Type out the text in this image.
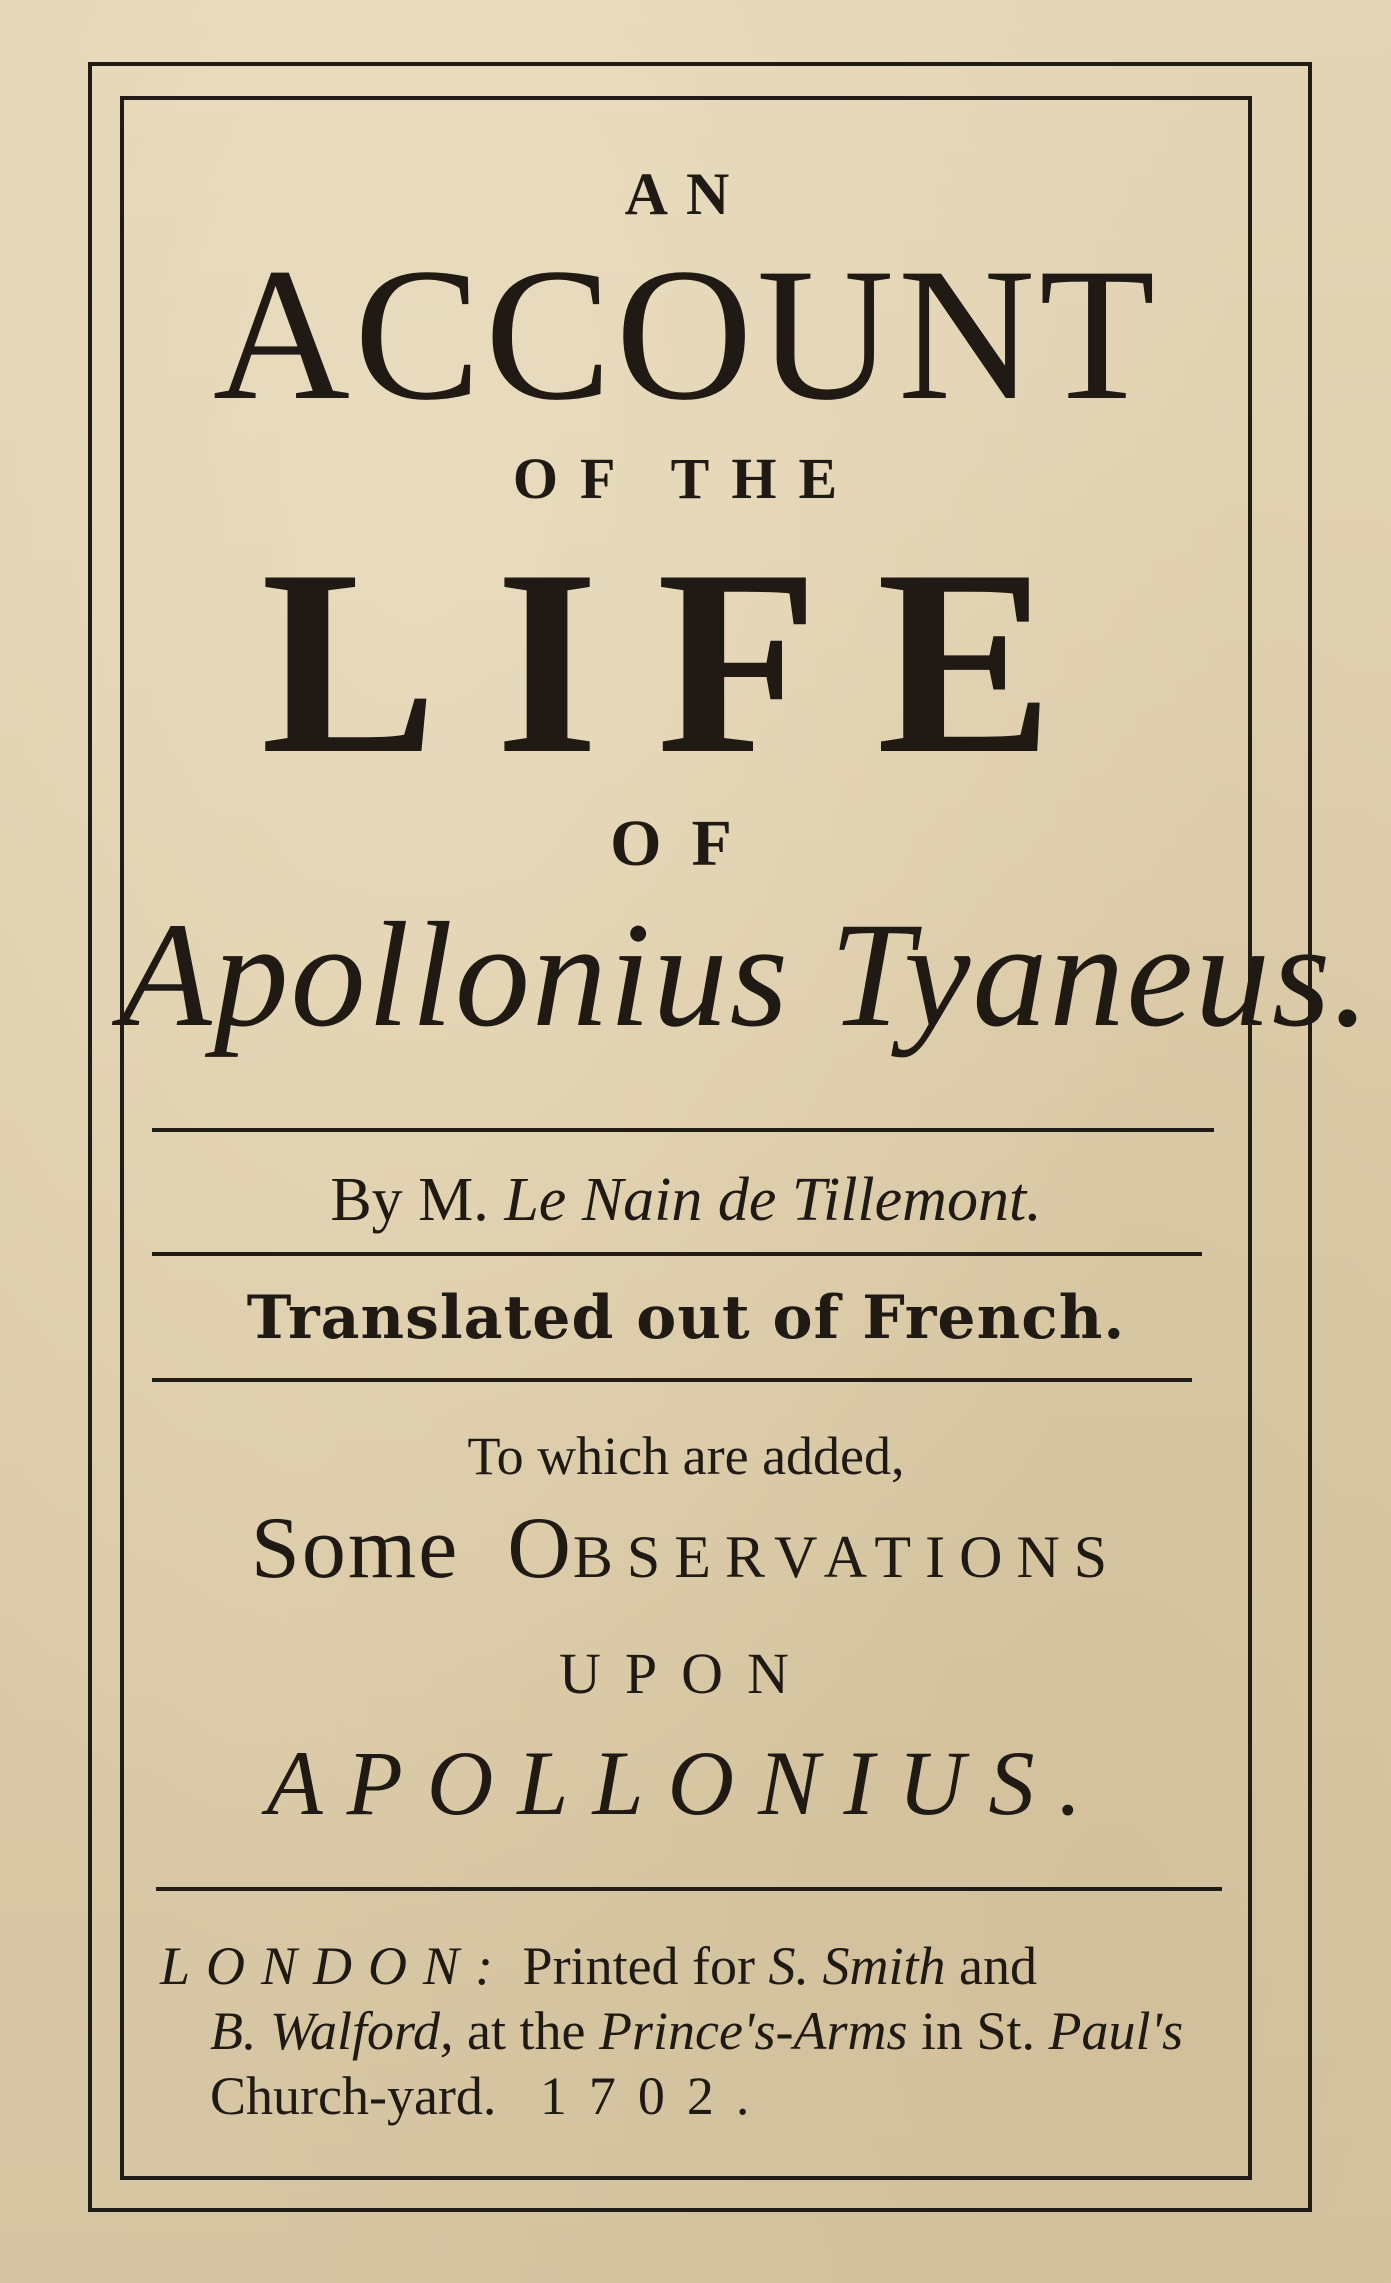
AN
ACCOUNT
OF THE
LIFE
OF
Apollonius Tyaneus.
By M. Le Nain de Tillemont.
Translated out of French.
To which are added,
Some OBSERVATIONS
UPON
APOLLONIUS.
LONDON: Printed for S. Smith and
B. Walford, at the Prince's-Arms in St. Paul's
Church-yard. 1702.
